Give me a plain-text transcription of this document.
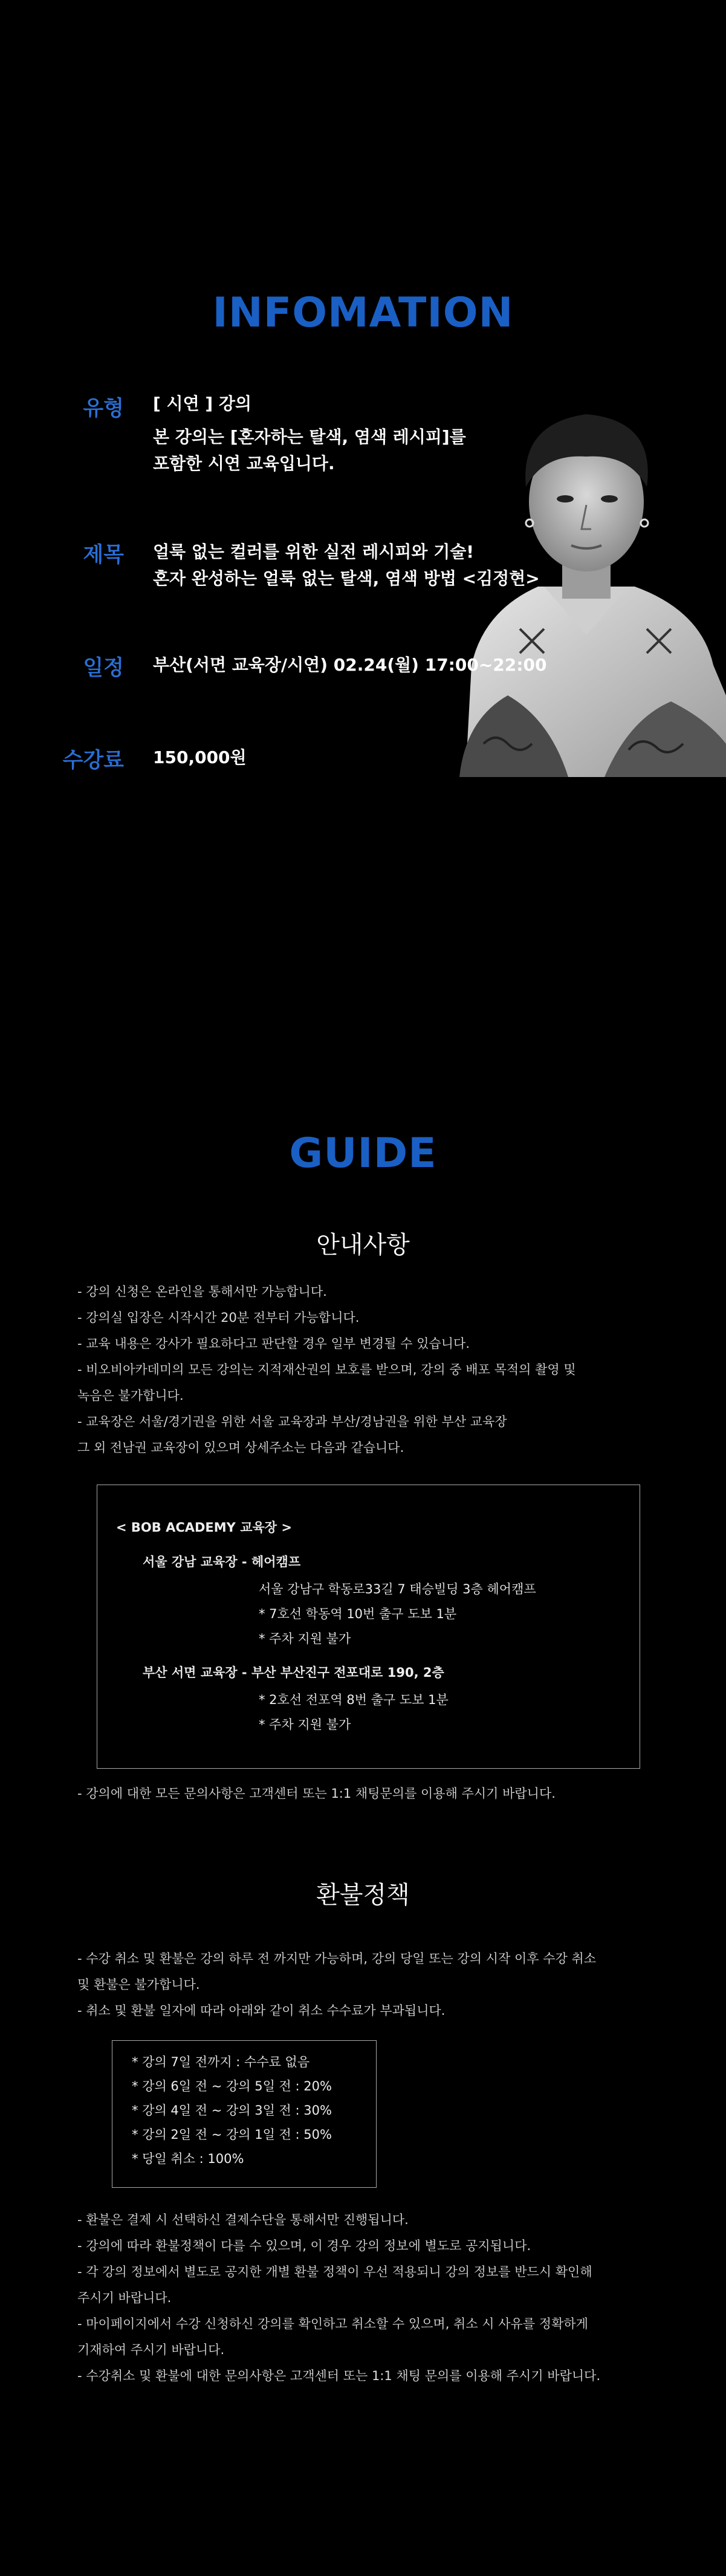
INFOMATION
유형 [ 시연 ] 강의
본 강의는 [혼자하는 탈색, 염색 레시피]를
포함한 시연 교육입니다.
제목 얼룩 없는 컬러를 위한 실전 레시피와 기술!
혼자 완성하는 얼룩 없는 탈색, 염색 방법 <김정현>
일정 부산(서면 교육장/시연) 02.24(월) 17:00~22:00
수강료 150,000원
GUIDE
안내사항
- 강의 신청은 온라인을 통해서만 가능합니다.
- 강의실 입장은 시작시간 20분 전부터 가능합니다.
- 교육 내용은 강사가 필요하다고 판단할 경우 일부 변경될 수 있습니다.
- 비오비아카데미의 모든 강의는 지적재산권의 보호를 받으며, 강의 중 배포 목적의 촬영 및
녹음은 불가합니다.
- 교육장은 서울/경기권을 위한 서울 교육장과 부산/경남권을 위한 부산 교육장
그 외 전남권 교육장이 있으며 상세주소는 다음과 같습니다.
< BOB ACADEMY 교육장 >
서울 강남 교육장 - 헤어캠프
서울 강남구 학동로33길 7 태승빌딩 3층 헤어캠프
* 7호선 학동역 10번 출구 도보 1분
* 주차 지원 불가
부산 서면 교육장 - 부산 부산진구 전포대로 190, 2층
* 2호선 전포역 8번 출구 도보 1분
* 주차 지원 불가
- 강의에 대한 모든 문의사항은 고객센터 또는 1:1 채팅문의를 이용해 주시기 바랍니다.
환불정책
- 수강 취소 및 환불은 강의 하루 전 까지만 가능하며, 강의 당일 또는 강의 시작 이후 수강 취소
및 환불은 불가합니다.
- 취소 및 환불 일자에 따라 아래와 같이 취소 수수료가 부과됩니다.
* 강의 7일 전까지 : 수수료 없음
* 강의 6일 전 ~ 강의 5일 전 : 20%
* 강의 4일 전 ~ 강의 3일 전 : 30%
* 강의 2일 전 ~ 강의 1일 전 : 50%
* 당일 취소 : 100%
- 환불은 결제 시 선택하신 결제수단을 통해서만 진행됩니다.
- 강의에 따라 환불정책이 다를 수 있으며, 이 경우 강의 정보에 별도로 공지됩니다.
- 각 강의 정보에서 별도로 공지한 개별 환불 정책이 우선 적용되니 강의 정보를 반드시 확인해
주시기 바랍니다.
- 마이페이지에서 수강 신청하신 강의를 확인하고 취소할 수 있으며, 취소 시 사유를 정확하게
기재하여 주시기 바랍니다.
- 수강취소 및 환불에 대한 문의사항은 고객센터 또는 1:1 채팅 문의를 이용해 주시기 바랍니다.
